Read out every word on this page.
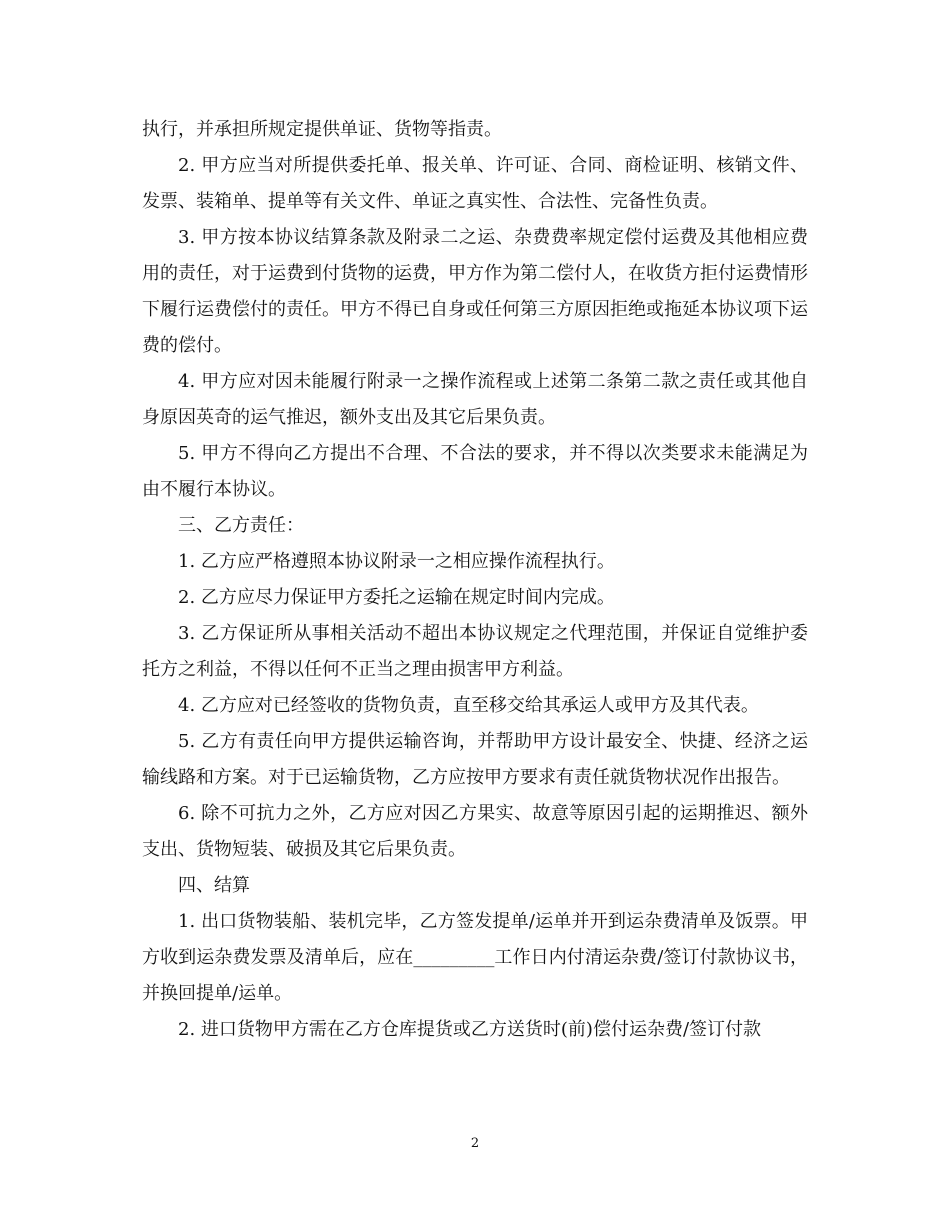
执行，并承担所规定提供单证、货物等指责。

2. 甲方应当对所提供委托单、报关单、许可证、合同、商检证明、核销文件、发票、装箱单、提单等有关文件、单证之真实性、合法性、完备性负责。

3. 甲方按本协议结算条款及附录二之运、杂费费率规定偿付运费及其他相应费用的责任，对于运费到付货物的运费，甲方作为第二偿付人，在收货方拒付运费情形下履行运费偿付的责任。甲方不得已自身或任何第三方原因拒绝或拖延本协议项下运费的偿付。

4. 甲方应对因未能履行附录一之操作流程或上述第二条第二款之责任或其他自身原因英奇的运气推迟，额外支出及其它后果负责。

5. 甲方不得向乙方提出不合理、不合法的要求，并不得以次类要求未能满足为由不履行本协议。

三、乙方责任：

1. 乙方应严格遵照本协议附录一之相应操作流程执行。

2. 乙方应尽力保证甲方委托之运输在规定时间内完成。

3. 乙方保证所从事相关活动不超出本协议规定之代理范围，并保证自觉维护委托方之利益，不得以任何不正当之理由损害甲方利益。

4. 乙方应对已经签收的货物负责，直至移交给其承运人或甲方及其代表。

5. 乙方有责任向甲方提供运输咨询，并帮助甲方设计最安全、快捷、经济之运输线路和方案。对于已运输货物，乙方应按甲方要求有责任就货物状况作出报告。

6. 除不可抗力之外，乙方应对因乙方果实、故意等原因引起的运期推迟、额外支出、货物短装、破损及其它后果负责。

四、结算

1. 出口货物装船、装机完毕，乙方签发提单/运单并开到运杂费清单及饭票。甲方收到运杂费发票及清单后，应在_________工作日内付清运杂费/签订付款协议书，并换回提单/运单。

2. 进口货物甲方需在乙方仓库提货或乙方送货时(前)偿付运杂费/签订付款

2
